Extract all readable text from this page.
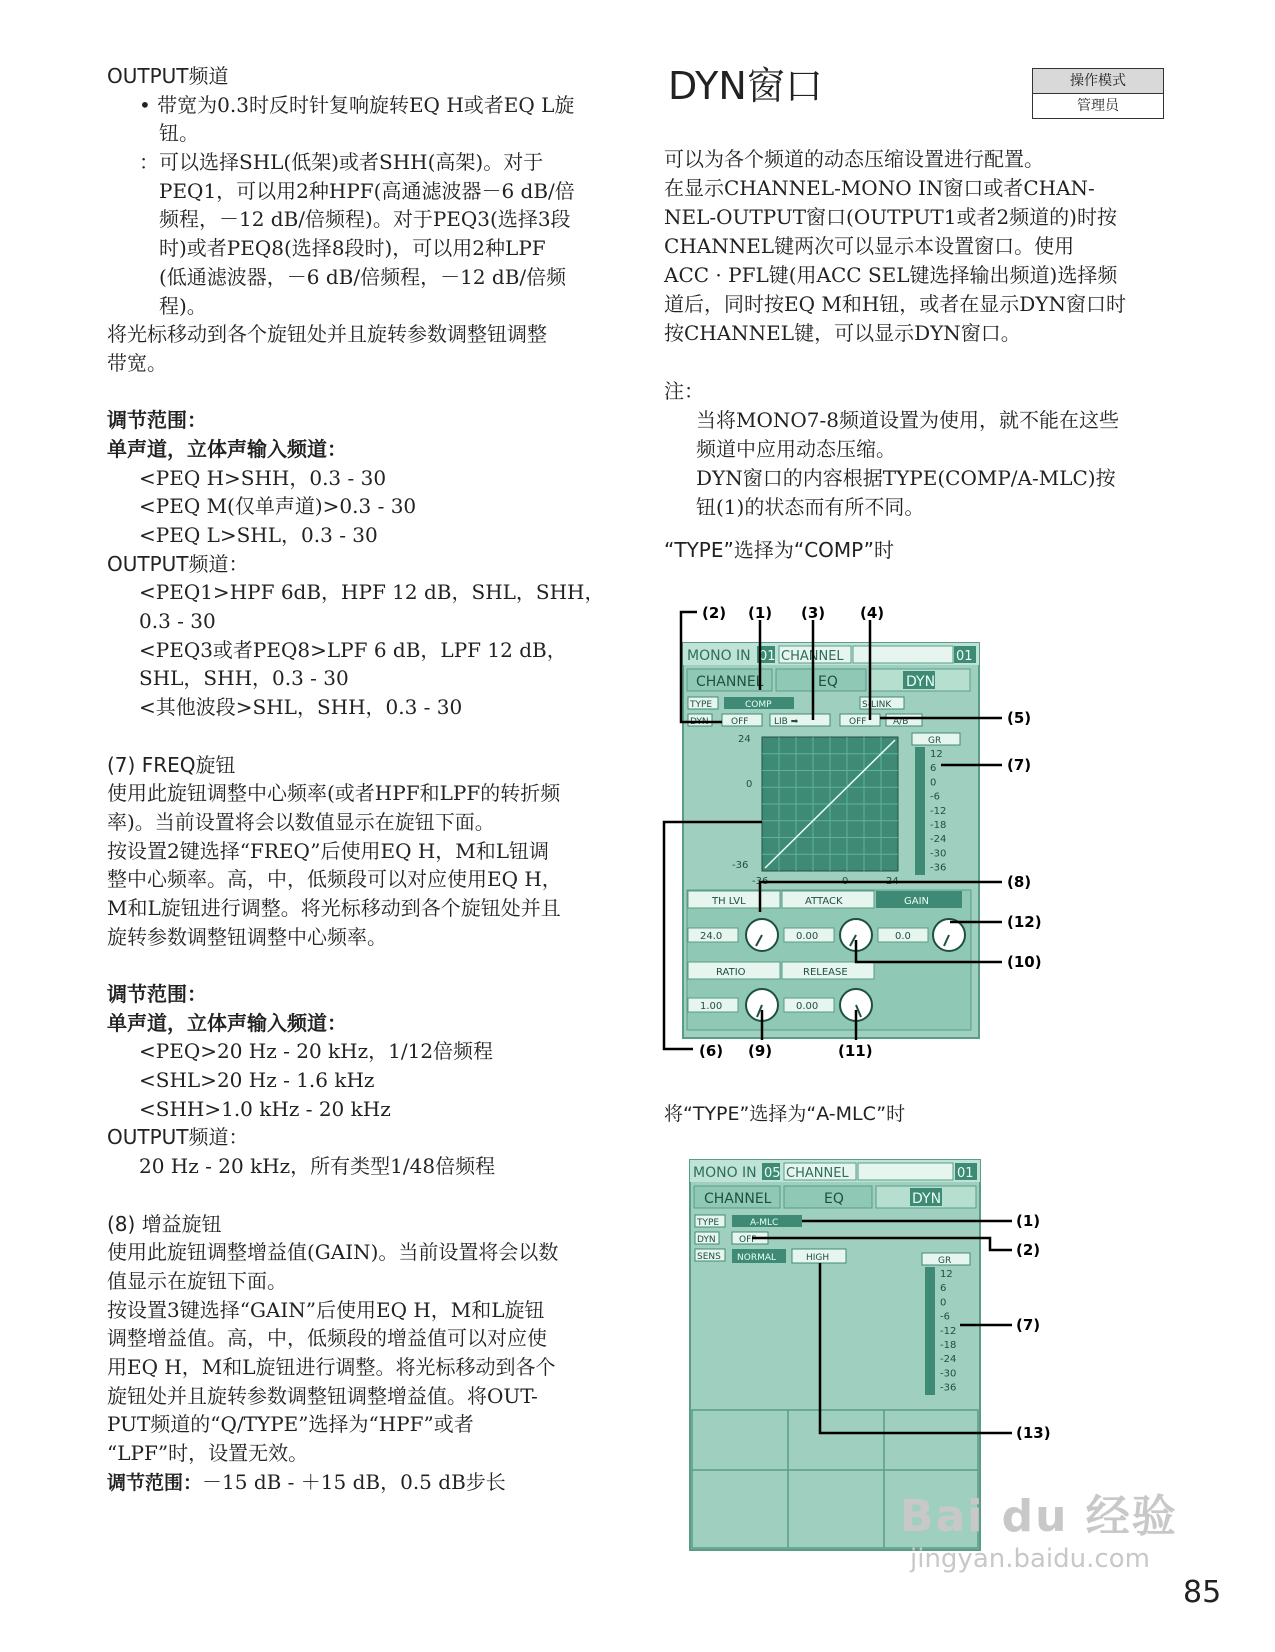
OUTPUT频道
• 带宽为0.3时反时针复响旋转EQ H或者EQ L旋
钮。
：可以选择SHL(低架)或者SHH(高架)。对于
PEQ1，可以用2种HPF(高通滤波器－6 dB/倍
频程，－12 dB/倍频程)。对于PEQ3(选择3段
时)或者PEQ8(选择8段时)，可以用2种LPF
(低通滤波器，－6 dB/倍频程，－12 dB/倍频
程)。
将光标移动到各个旋钮处并且旋转参数调整钮调整
带宽。
调节范围：
单声道，立体声输入频道：
<PEQ H>SHH，0.3 - 30
<PEQ M(仅单声道)>0.3 - 30
<PEQ L>SHL，0.3 - 30
OUTPUT频道：
<PEQ1>HPF 6dB，HPF 12 dB，SHL，SHH，
0.3 - 30
<PEQ3或者PEQ8>LPF 6 dB，LPF 12 dB，
SHL，SHH，0.3 - 30
<其他波段>SHL，SHH，0.3 - 30
(7) FREQ旋钮
使用此旋钮调整中心频率(或者HPF和LPF的转折频
率)。当前设置将会以数值显示在旋钮下面。
按设置2键选择“FREQ”后使用EQ H，M和L钮调
整中心频率。高，中，低频段可以对应使用EQ H，
M和L旋钮进行调整。将光标移动到各个旋钮处并且
旋转参数调整钮调整中心频率。
调节范围：
单声道，立体声输入频道：
<PEQ>20 Hz - 20 kHz，1/12倍频程
<SHL>20 Hz - 1.6 kHz
<SHH>1.0 kHz - 20 kHz
OUTPUT频道：
20 Hz - 20 kHz，所有类型1/48倍频程
(8) 增益旋钮
使用此旋钮调整增益值(GAIN)。当前设置将会以数
值显示在旋钮下面。
按设置3键选择“GAIN”后使用EQ H，M和L旋钮
调整增益值。高，中，低频段的增益值可以对应使
用EQ H，M和L旋钮进行调整。将光标移动到各个
旋钮处并且旋转参数调整钮调整增益值。将OUT-
PUT频道的“Q/TYPE”选择为“HPF”或者
“LPF”时，设置无效。
调节范围：－15 dB - ＋15 dB，0.5 dB步长
DYN窗口	操作模式
管理员
可以为各个频道的动态压缩设置进行配置。
在显示CHANNEL-MONO IN窗口或者CHAN-
NEL-OUTPUT窗口(OUTPUT1或者2频道的)时按
CHANNEL键两次可以显示本设置窗口。使用
ACC · PFL键(用ACC SEL键选择输出频道)选择频
道后，同时按EQ M和H钮，或者在显示DYN窗口时
按CHANNEL键，可以显示DYN窗口。
注：
当将MONO7-8频道设置为使用，就不能在这些
频道中应用动态压缩。
DYN窗口的内容根据TYPE(COMP/A-MLC)按
钮(1)的状态而有所不同。
“TYPE”选择为“COMP”时
MONO IN 01 CHANNEL	01
CHANNEL	EQ	DYN
TYPE	COMP	S-LINK
DYN OFF	LIB ➡	OFF	A/B
24
0
-36
-36	0	24
GR
12
6
0
-6
-12
-18
-24
-30
-36
TH LVL	ATTACK	GAIN
24.0	0.00	0.0
RATIO	RELEASE
1.00	0.00
(2) (1) (3) (4)
(5)
(7)
(8)
(12)
(10)
(6) (9)	(11)
将“TYPE”选择为“A-MLC”时
MONO IN 05 CHANNEL	01
CHANNEL	EQ	DYN
TYPE	A-MLC
DYN	OFF
SENS NORMAL	HIGH	GR
12
6
0
-6
-12
-18
-24
-30
-36
(1)
(2)
(7)
(13)
Bai du 经验
jingyan.baidu.com
85
